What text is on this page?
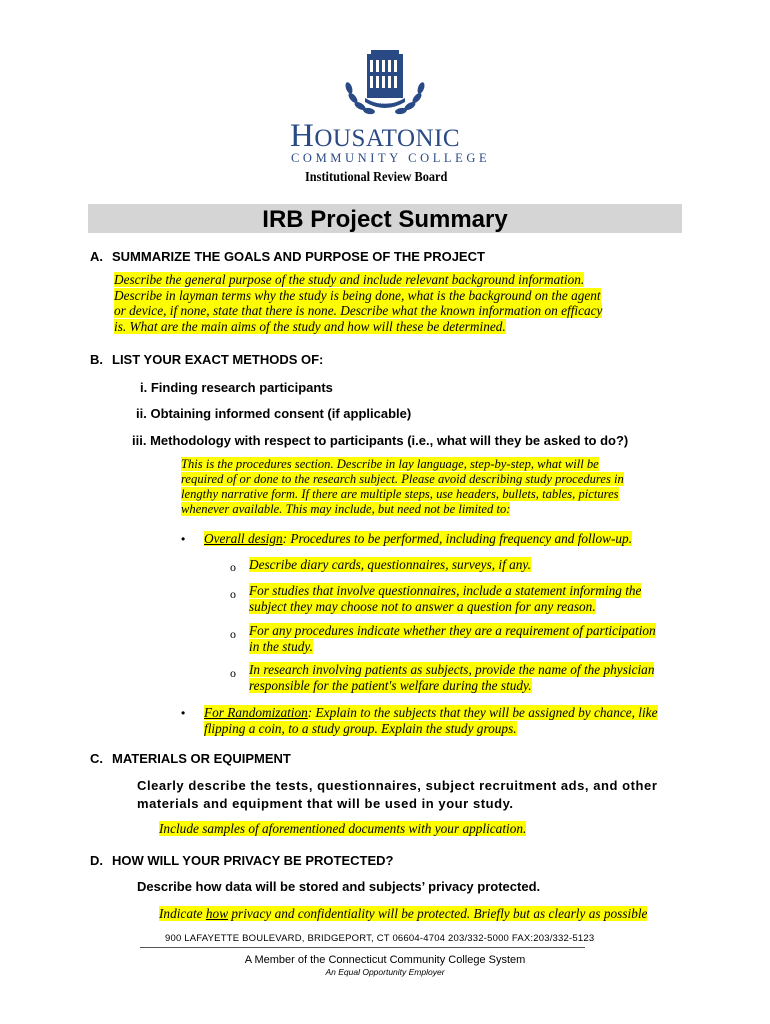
1966
HOUSATONIC
COMMUNITY COLLEGE
Institutional Review Board
IRB Project Summary
A. SUMMARIZE THE GOALS AND PURPOSE OF THE PROJECT
Describe the general purpose of the study and include relevant background information.
Describe in layman terms why the study is being done, what is the background on the agent
or device, if none, state that there is none. Describe what the known information on efficacy
is. What are the main aims of the study and how will these be determined.
B. LIST YOUR EXACT METHODS OF:
i. Finding research participants
ii. Obtaining informed consent (if applicable)
iii. Methodology with respect to participants (i.e., what will they be asked to do?)
This is the procedures section. Describe in lay language, step-by-step, what will be
required of or done to the research subject. Please avoid describing study procedures in
lengthy narrative form. If there are multiple steps, use headers, bullets, tables, pictures
whenever available. This may include, but need not be limited to:
• Overall design: Procedures to be performed, including frequency and follow-up.
o Describe diary cards, questionnaires, surveys, if any.
o For studies that involve questionnaires, include a statement informing the
subject they may choose not to answer a question for any reason.
o For any procedures indicate whether they are a requirement of participation
in the study.
o In research involving patients as subjects, provide the name of the physician
responsible for the patient's welfare during the study.
• For Randomization: Explain to the subjects that they will be assigned by chance, like
flipping a coin, to a study group. Explain the study groups.
C. MATERIALS OR EQUIPMENT
Clearly describe the tests, questionnaires, subject recruitment ads, and other
materials and equipment that will be used in your study.
Include samples of aforementioned documents with your application.
D. HOW WILL YOUR PRIVACY BE PROTECTED?
Describe how data will be stored and subjects’ privacy protected.
Indicate how privacy and confidentiality will be protected. Briefly but as clearly as possible
900 LAFAYETTE BOULEVARD, BRIDGEPORT, CT 06604-4704 203/332-5000 FAX:203/332-5123
A Member of the Connecticut Community College System
An Equal Opportunity Employer
